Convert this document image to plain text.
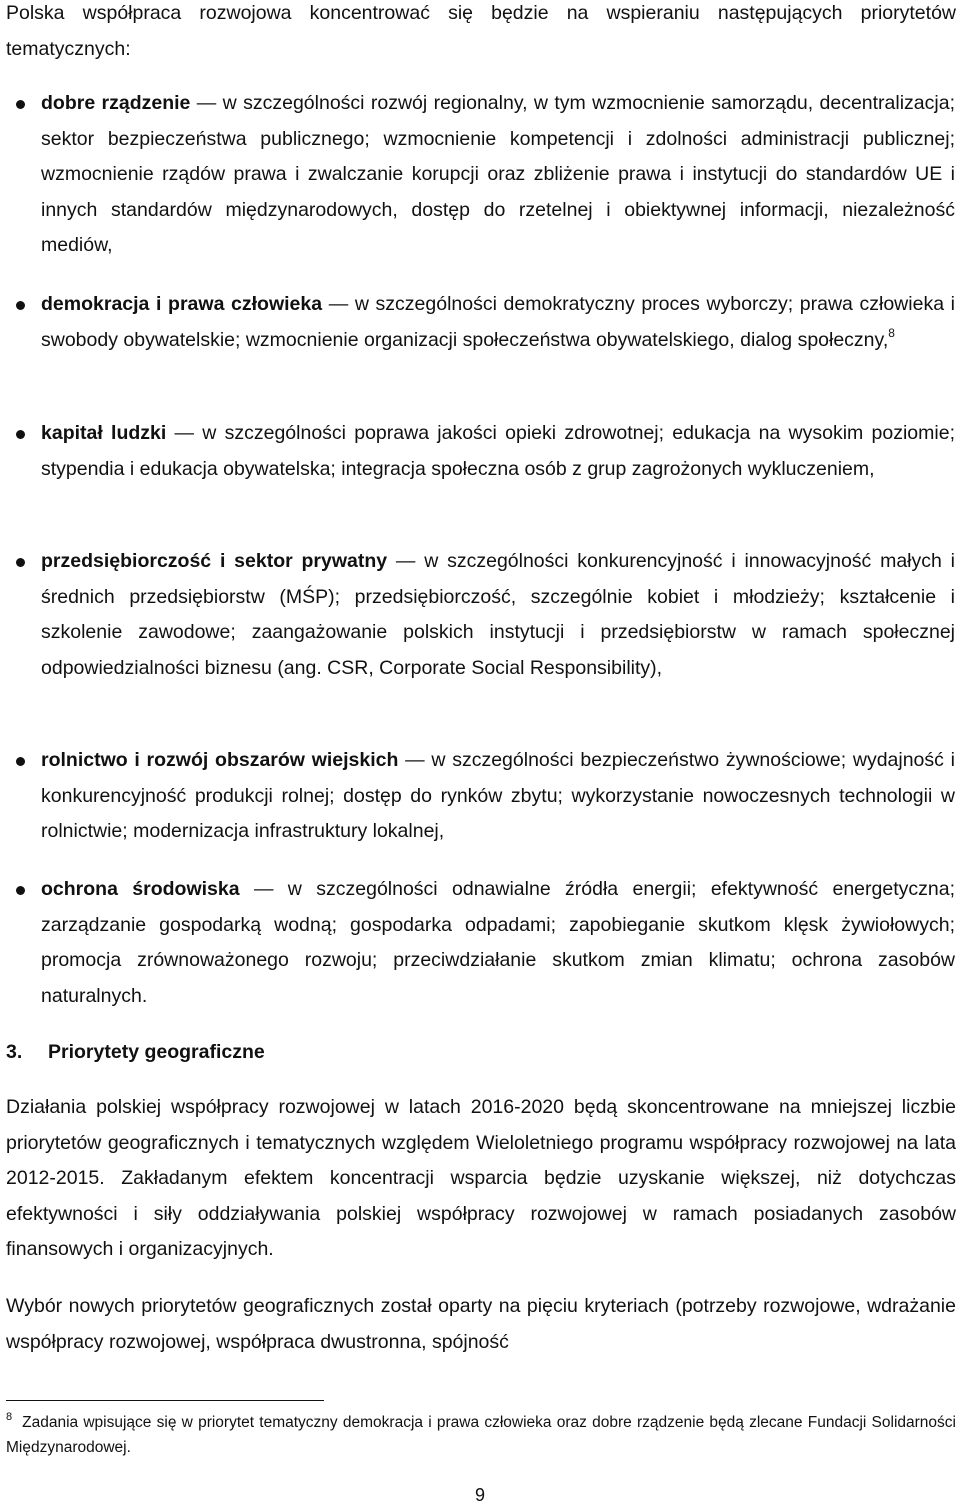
Polska współpraca rozwojowa koncentrować się będzie na wspieraniu następujących priorytetów tematycznych:

dobre rządzenie — w szczególności rozwój regionalny, w tym wzmocnienie samorządu, decentralizacja; sektor bezpieczeństwa publicznego; wzmocnienie kompetencji i zdolności administracji publicznej; wzmocnienie rządów prawa i zwalczanie korupcji oraz zbliżenie prawa i instytucji do standardów UE i innych standardów międzynarodowych, dostęp do rzetelnej i obiektywnej informacji, niezależność mediów,

demokracja i prawa człowieka — w szczególności demokratyczny proces wyborczy; prawa człowieka i swobody obywatelskie; wzmocnienie organizacji społeczeństwa obywatelskiego, dialog społeczny,$^8$

kapitał ludzki — w szczególności poprawa jakości opieki zdrowotnej; edukacja na wysokim poziomie; stypendia i edukacja obywatelska; integracja społeczna osób z grup zagrożonych wykluczeniem,

przedsiębiorczość i sektor prywatny — w szczególności konkurencyjność i innowacyjność małych i średnich przedsiębiorstw (MŚP); przedsiębiorczość, szczególnie kobiet i młodzieży; kształcenie i szkolenie zawodowe; zaangażowanie polskich instytucji i przedsiębiorstw w ramach społecznej odpowiedzialności biznesu (ang. CSR, Corporate Social Responsibility),

rolnictwo i rozwój obszarów wiejskich — w szczególności bezpieczeństwo żywnościowe; wydajność i konkurencyjność produkcji rolnej; dostęp do rynków zbytu; wykorzystanie nowoczesnych technologii w rolnictwie; modernizacja infrastruktury lokalnej,

ochrona środowiska — w szczególności odnawialne źródła energii; efektywność energetyczna; zarządzanie gospodarką wodną; gospodarka odpadami; zapobieganie skutkom klęsk żywiołowych; promocja zrównoważonego rozwoju; przeciwdziałanie skutkom zmian klimatu; ochrona zasobów naturalnych.

3. Priorytety geograficzne

Działania polskiej współpracy rozwojowej w latach 2016-2020 będą skoncentrowane na mniejszej liczbie priorytetów geograficznych i tematycznych względem Wieloletniego programu współpracy rozwojowej na lata 2012-2015. Zakładanym efektem koncentracji wsparcia będzie uzyskanie większej, niż dotychczas efektywności i siły oddziaływania polskiej współpracy rozwojowej w ramach posiadanych zasobów finansowych i organizacyjnych.

Wybór nowych priorytetów geograficznych został oparty na pięciu kryteriach (potrzeby rozwojowe, wdrażanie współpracy rozwojowej, współpraca dwustronna, spójność

$^8$ Zadania wpisujące się w priorytet tematyczny demokracja i prawa człowieka oraz dobre rządzenie będą zlecane Fundacji Solidarności Międzynarodowej.

9
